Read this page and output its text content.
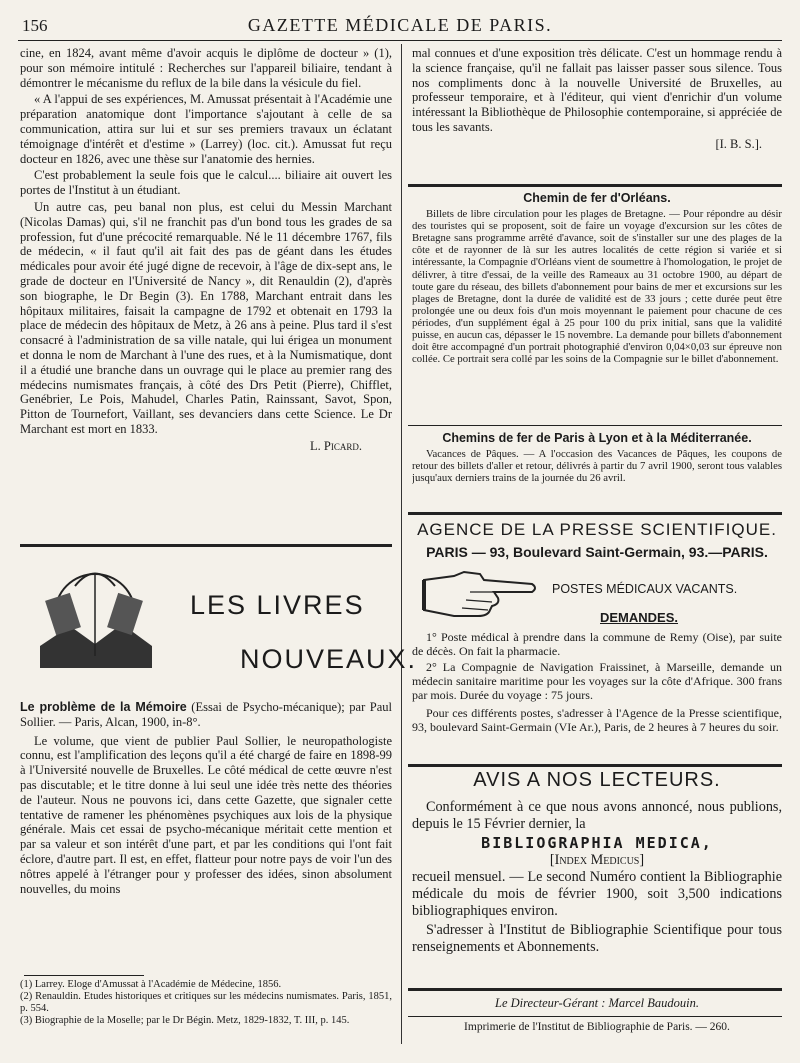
156	GAZETTE MÉDICALE DE PARIS.

cine, en 1824, avant même d'avoir acquis le diplôme de docteur » (1), pour son mémoire intitulé : Recherches sur l'appareil biliaire, tendant à démontrer le mécanisme du reflux de la bile dans la vésicule du fiel.

« A l'appui de ses expériences, M. Amussat présentait à l'Académie une préparation anatomique dont l'importance s'ajoutant à celle de sa communication, attira sur lui et sur ses premiers travaux un éclatant témoignage d'intérêt et d'estime » (Larrey) (loc. cit.). Amussat fut reçu docteur en 1826, avec une thèse sur l'anatomie des hernies.

C'est probablement la seule fois que le calcul.... biliaire ait ouvert les portes de l'Institut à un étudiant.

Un autre cas, peu banal non plus, est celui du Messin Marchant (Nicolas Damas) qui, s'il ne franchit pas d'un bond tous les grades de sa profession, fut d'une précocité remarquable. Né le 11 décembre 1767, fils de médecin, « il faut qu'il ait fait des pas de géant dans les études médicales pour avoir été jugé digne de recevoir, à l'âge de dix-sept ans, le grade de docteur en l'Université de Nancy », dit Renauldin (2), d'après son biographe, le Dr Begin (3). En 1788, Marchant entrait dans les hôpitaux militaires, faisait la campagne de 1792 et obtenait en 1793 la place de médecin des hôpitaux de Metz, à 26 ans à peine. Plus tard il s'est consacré à l'administration de sa ville natale, qui lui érigea un monument et donna le nom de Marchant à l'une des rues, et à la Numismatique, dont il a étudié une branche dans un ouvrage qui le place au premier rang des médecins numismates français, à côté des Drs Petit (Pierre), Chifflet, Genébrier, Le Pois, Mahudel, Charles Patin, Rainssant, Savot, Spon, Pitton de Tournefort, Vaillant, ses devanciers dans cette Science. Le Dr Marchant est mort en 1833.

L. Picard.
LES LIVRES
NOUVEAUX.

Le problème de la Mémoire (Essai de Psycho-mécanique); par Paul Sollier. — Paris, Alcan, 1900, in-8°.

Le volume, que vient de publier Paul Sollier, le neuropathologiste connu, est l'amplification des leçons qu'il a été chargé de faire en 1898-99 à l'Université nouvelle de Bruxelles. Le côté médical de cette œuvre n'est pas discutable; et le titre donne à lui seul une idée très nette des théories de l'auteur. Nous ne pouvons ici, dans cette Gazette, que signaler cette tentative de ramener les phénomènes psychiques aux lois de la physique générale. Mais cet essai de psycho-mécanique méritait cette mention et par sa valeur et son intérêt d'une part, et par les conditions qui l'ont fait éclore, d'autre part. Il est, en effet, flatteur pour notre pays de voir l'un des nôtres appelé à l'étranger pour y professer des idées, sinon absolument nouvelles, du moins

(1) Larrey. Eloge d'Amussat à l'Académie de Médecine, 1856.
(2) Renauldin. Etudes historiques et critiques sur les médecins numismates. Paris, 1851, p. 554.
(3) Biographie de la Moselle; par le Dr Bégin. Metz, 1829-1832, T. III, p. 145.

mal connues et d'une exposition très délicate. C'est un hommage rendu à la science française, qu'il ne fallait pas laisser passer sous silence. Tous nos compliments donc à la nouvelle Université de Bruxelles, au professeur temporaire, et à l'éditeur, qui vient d'enrichir d'un volume intéressant la Bibliothèque de Philosophie contemporaine, si appréciée de tous les savants.

[I. B. S.].
Chemin de fer d'Orléans.

Billets de libre circulation pour les plages de Bretagne. — Pour répondre au désir des touristes qui se proposent, soit de faire un voyage d'excursion sur les côtes de Bretagne sans programme arrêté d'avance, soit de s'installer sur une des plages de la côte et de rayonner de là sur les autres localités de cette région si variée et si intéressante, la Compagnie d'Orléans vient de soumettre à l'homologation, le projet de délivrer, à titre d'essai, de la veille des Rameaux au 31 octobre 1900, au départ de toute gare du réseau, des billets d'abonnement pour bains de mer et excursions sur les plages de Bretagne, dont la durée de validité est de 33 jours ; cette durée peut être prolongée une ou deux fois d'un mois moyennant le paiement pour chacune de ces périodes, d'un supplément égal à 25 pour 100 du prix initial, sans que la validité puisse, en aucun cas, dépasser le 15 novembre. La demande pour billets d'abonnement doit être accompagné d'un portrait photographié d'environ 0,04×0,03 sur épreuve non collée. Ce portrait sera collé par les soins de la Compagnie sur le billet d'abonnement.

Chemins de fer de Paris à Lyon et à la Méditerranée.

Vacances de Pâques. — A l'occasion des Vacances de Pâques, les coupons de retour des billets d'aller et retour, délivrés à partir du 7 avril 1900, seront tous valables jusqu'aux derniers trains de la journée du 26 avril.

AGENCE DE LA PRESSE SCIENTIFIQUE.
PARIS — 93, Boulevard Saint-Germain, 93.—PARIS.
POSTES MÉDICAUX VACANTS.
DEMANDES.

1° Poste médical à prendre dans la commune de Remy (Oise), par suite de décès. On fait la pharmacie.

2° La Compagnie de Navigation Fraissinet, à Marseille, demande un médecin sanitaire maritime pour les voyages sur la côte d'Afrique. 300 frans par mois. Durée du voyage : 75 jours.

Pour ces différents postes, s'adresser à l'Agence de la Presse scientifique, 93, boulevard Saint-Germain (VIe Ar.), Paris, de 2 heures à 7 heures du soir.

AVIS A NOS LECTEURS.

Conformément à ce que nous avons annoncé, nous publions, depuis le 15 Février dernier, la

BIBLIOGRAPHIA MEDICA,
[Index Medicus]

recueil mensuel. — Le second Numéro contient la Bibliographie médicale du mois de février 1900, soit 3,500 indications bibliographiques environ.

S'adresser à l'Institut de Bibliographie Scientifique pour tous renseignements et Abonnements.

Le Directeur-Gérant : Marcel Baudouin.
Imprimerie de l'Institut de Bibliographie de Paris. — 260.
